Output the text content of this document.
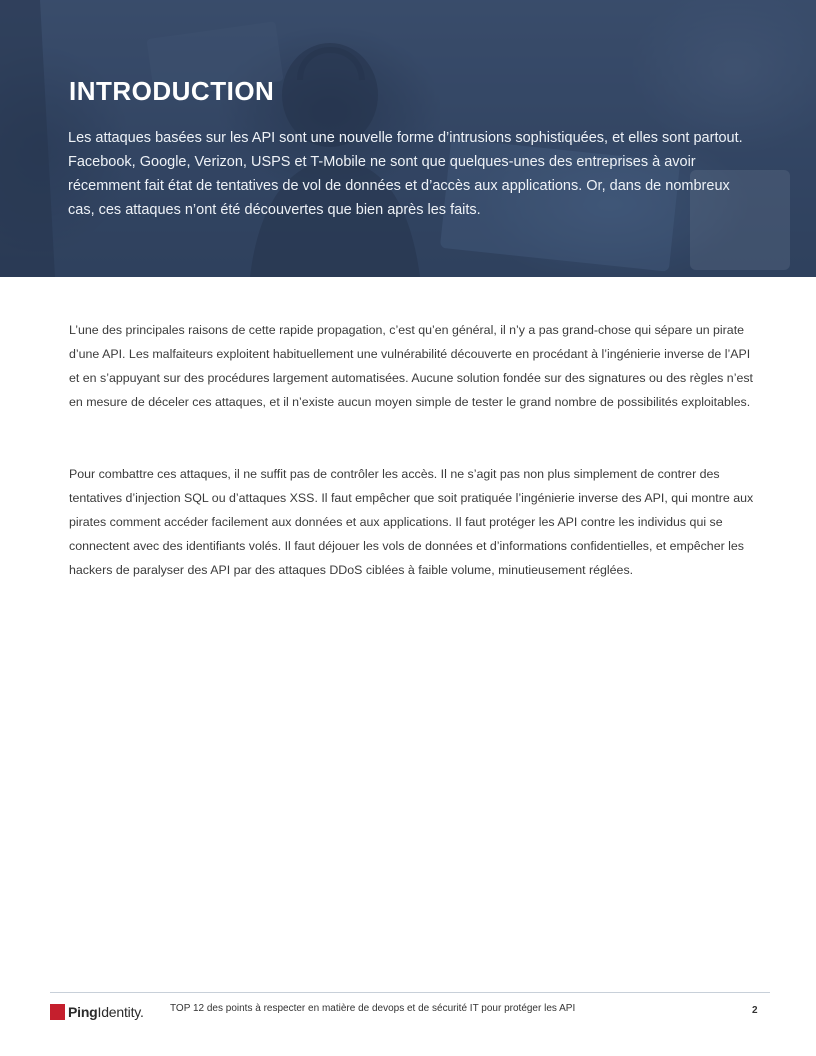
INTRODUCTION

Les attaques basées sur les API sont une nouvelle forme d’intrusions sophistiquées, et elles sont partout. Facebook, Google, Verizon, USPS et T-Mobile ne sont que quelques-unes des entreprises à avoir récemment fait état de tentatives de vol de données et d’accès aux applications. Or, dans de nombreux cas, ces attaques n’ont été découvertes que bien après les faits.

L’une des principales raisons de cette rapide propagation, c’est qu’en général, il n’y a pas grand-chose qui sépare un pirate d’une API. Les malfaiteurs exploitent habituellement une vulnérabilité découverte en procédant à l’ingénierie inverse de l’API et en s’appuyant sur des procédures largement automatisées. Aucune solution fondée sur des signatures ou des règles n’est en mesure de déceler ces attaques, et il n’existe aucun moyen simple de tester le grand nombre de possibilités exploitables.

Pour combattre ces attaques, il ne suffit pas de contrôler les accès. Il ne s’agit pas non plus simplement de contrer des tentatives d’injection SQL ou d’attaques XSS. Il faut empêcher que soit pratiquée l’ingénierie inverse des API, qui montre aux pirates comment accéder facilement aux données et aux applications. Il faut protéger les API contre les individus qui se connectent avec des identifiants volés. Il faut déjouer les vols de données et d’informations confidentielles, et empêcher les hackers de paralyser des API par des attaques DDoS ciblées à faible volume, minutieusement réglées.

PingIdentity.	TOP 12 des points à respecter en matière de devops et de sécurité IT pour protéger les API	2
